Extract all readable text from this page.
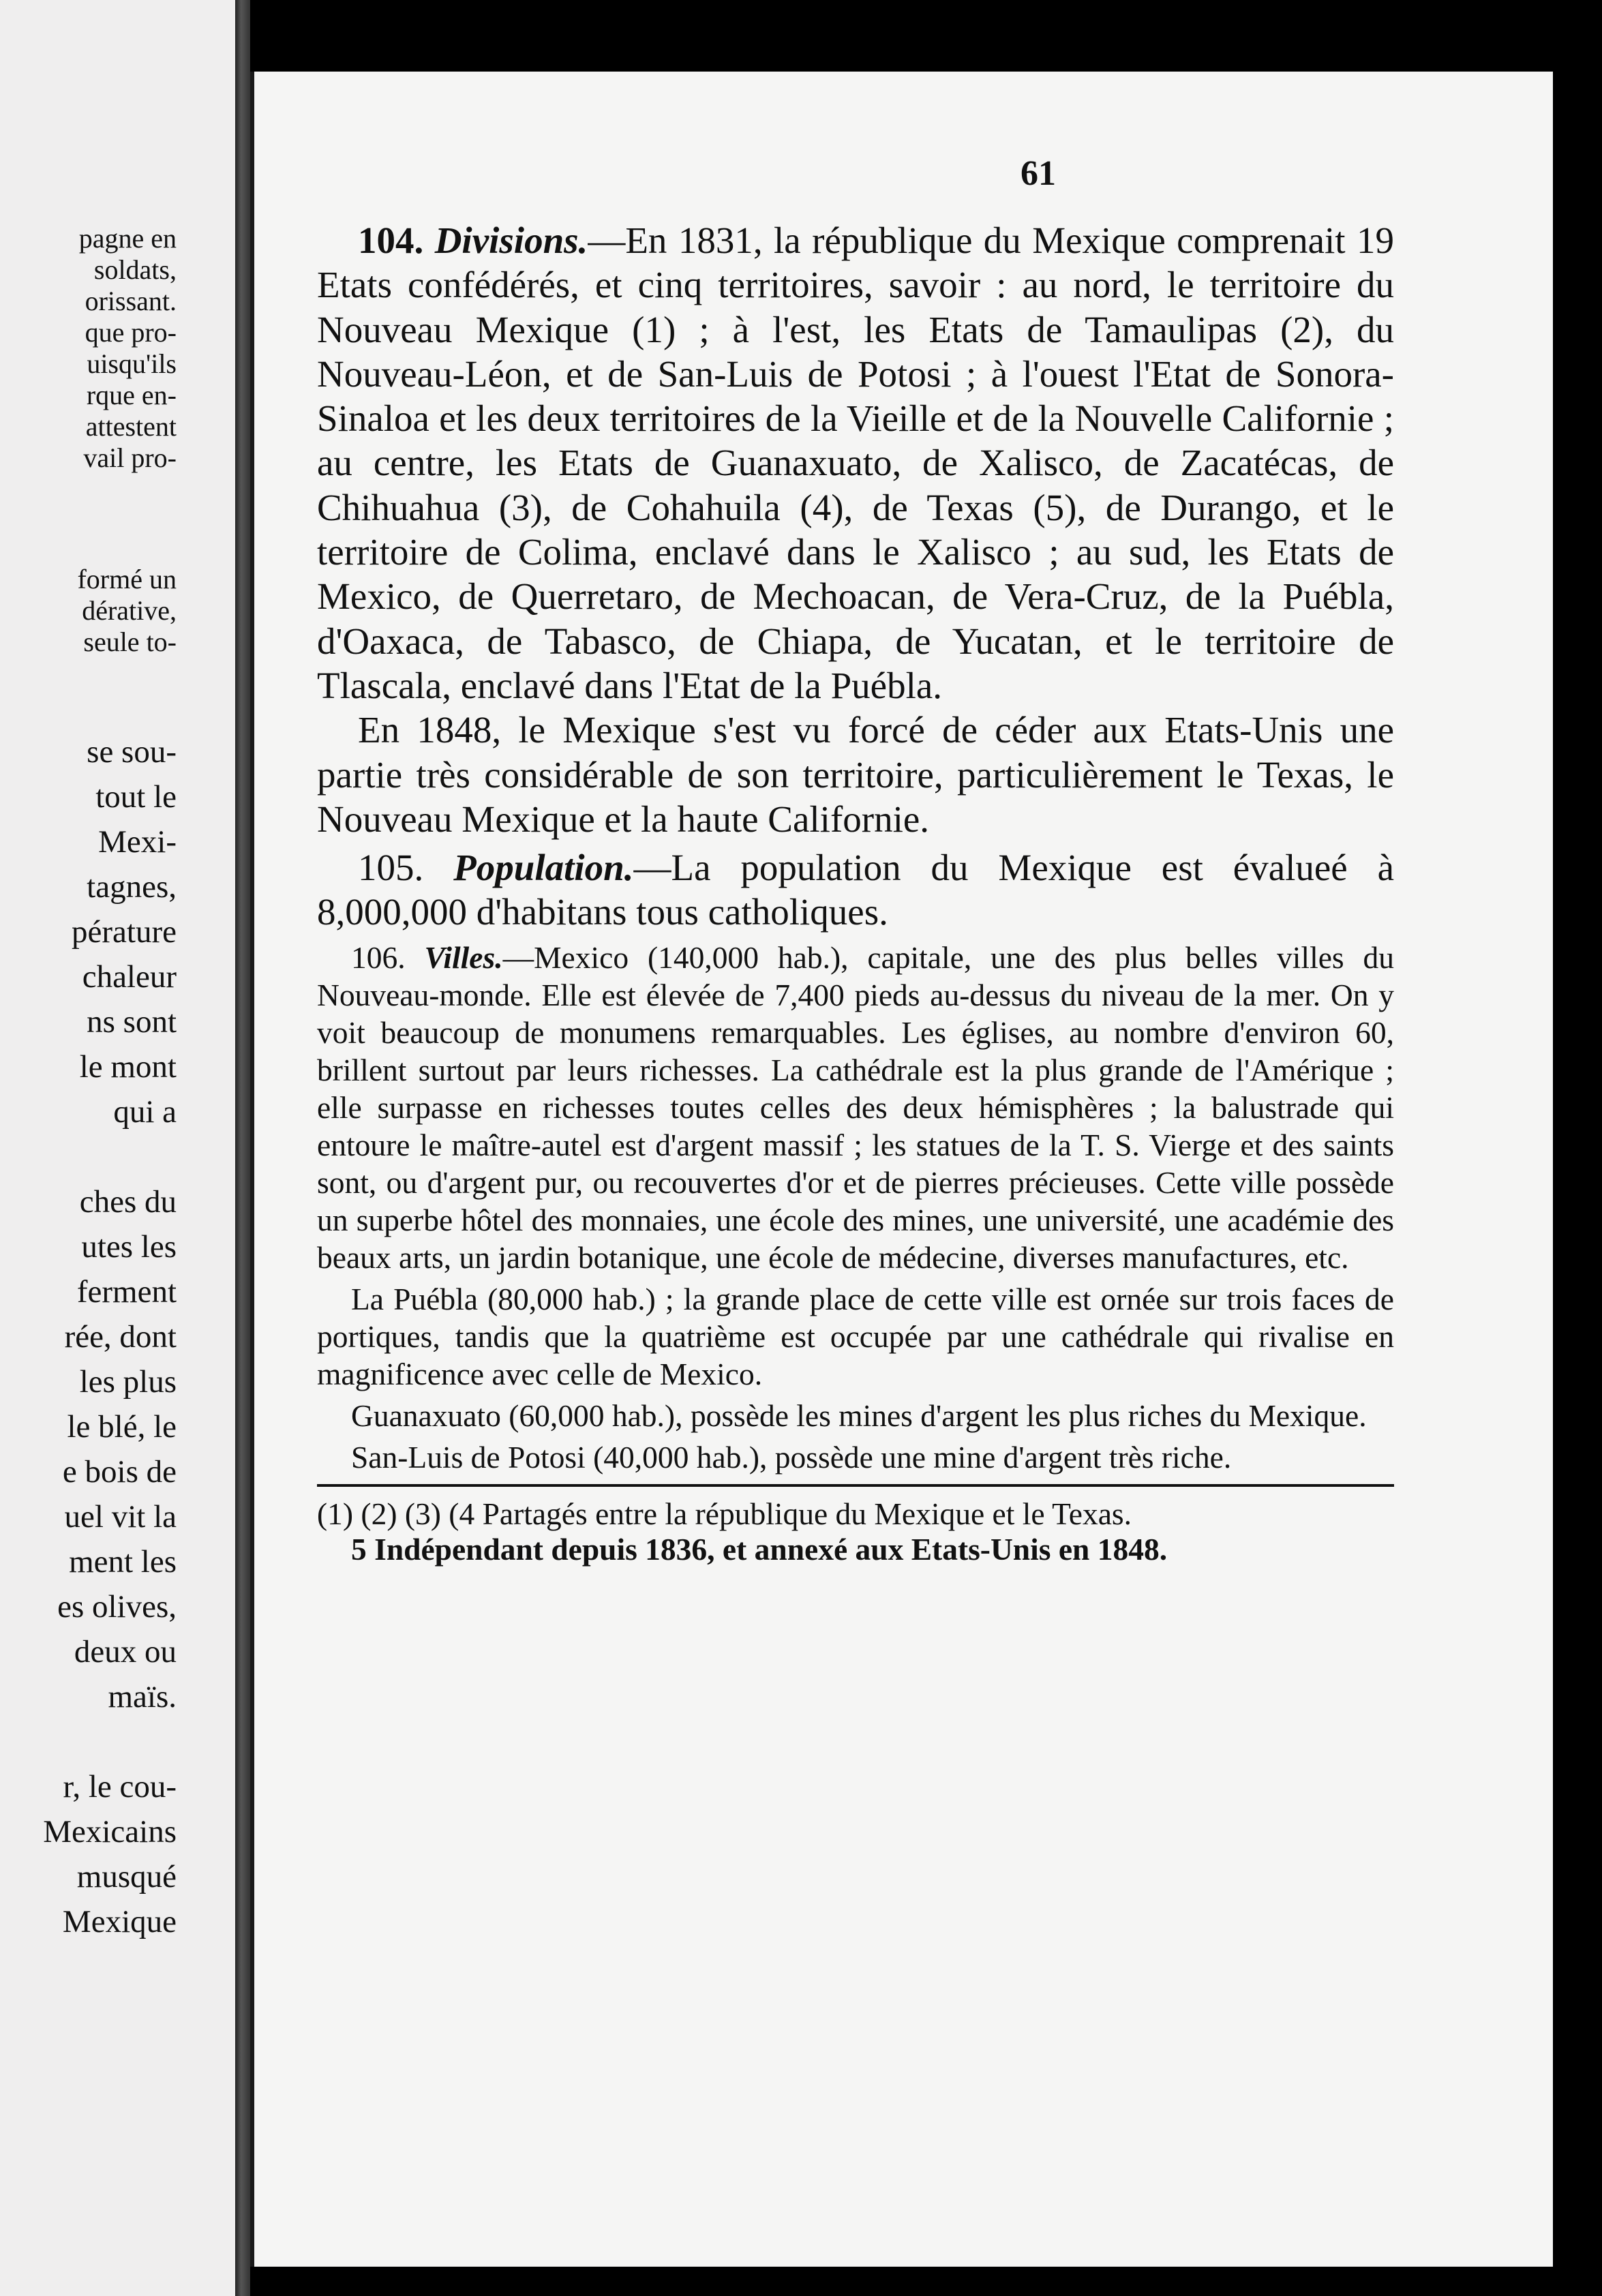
pagne en
soldats,
orissant.
que pro-
uisqu'ils
rque en-
attestent
vail pro-
formé un
dérative,
seule to-
se sou-
tout le
Mexi-
tagnes,
pérature
chaleur
ns sont
le mont
qui a
ches du
utes les
ferment
rée, dont
les plus
le blé, le
e bois de
uel vit la
ment les
es olives,
deux ou
maïs.
r, le cou-
Mexicains
musqué
Mexique
61

104. Divisions.—En 1831, la république du Mexique comprenait 19 Etats confédérés, et cinq territoires, savoir : au nord, le territoire du Nouveau Mexique (1) ; à l'est, les Etats de Tamaulipas (2), du Nouveau-Léon, et de San-Luis de Potosi ; à l'ouest l'Etat de Sonora-Sinaloa et les deux territoires de la Vieille et de la Nouvelle Californie ; au centre, les Etats de Guanaxuato, de Xalisco, de Zacatécas, de Chihuahua (3), de Cohahuila (4), de Texas (5), de Durango, et le territoire de Colima, enclavé dans le Xalisco ; au sud, les Etats de Mexico, de Querretaro, de Mechoacan, de Vera-Cruz, de la Puébla, d'Oaxaca, de Tabasco, de Chiapa, de Yucatan, et le territoire de Tlascala, enclavé dans l'Etat de la Puébla.

En 1848, le Mexique s'est vu forcé de céder aux Etats-Unis une partie très considérable de son territoire, particulièrement le Texas, le Nouveau Mexique et la haute Californie.

105. Population.—La population du Mexique est évalueé à 8,000,000 d'habitans tous catholiques.

106. Villes.—Mexico (140,000 hab.), capitale, une des plus belles villes du Nouveau-monde. Elle est élevée de 7,400 pieds au-dessus du niveau de la mer. On y voit beaucoup de monumens remarquables. Les églises, au nombre d'environ 60, brillent surtout par leurs richesses. La cathédrale est la plus grande de l'Amérique ; elle surpasse en richesses toutes celles des deux hémisphères ; la balustrade qui entoure le maître-autel est d'argent massif ; les statues de la T. S. Vierge et des saints sont, ou d'argent pur, ou recouvertes d'or et de pierres précieuses. Cette ville possède un superbe hôtel des monnaies, une école des mines, une université, une académie des beaux arts, un jardin botanique, une école de médecine, diverses manufactures, etc.

La Puébla (80,000 hab.) ; la grande place de cette ville est ornée sur trois faces de portiques, tandis que la quatrième est occupée par une cathédrale qui rivalise en magnificence avec celle de Mexico.

Guanaxuato (60,000 hab.), possède les mines d'argent les plus riches du Mexique.

San-Luis de Potosi (40,000 hab.), possède une mine d'argent très riche.

(1) (2) (3) (4 Partagés entre la république du Mexique et le Texas.

5 Indépendant depuis 1836, et annexé aux Etats-Unis en 1848.
